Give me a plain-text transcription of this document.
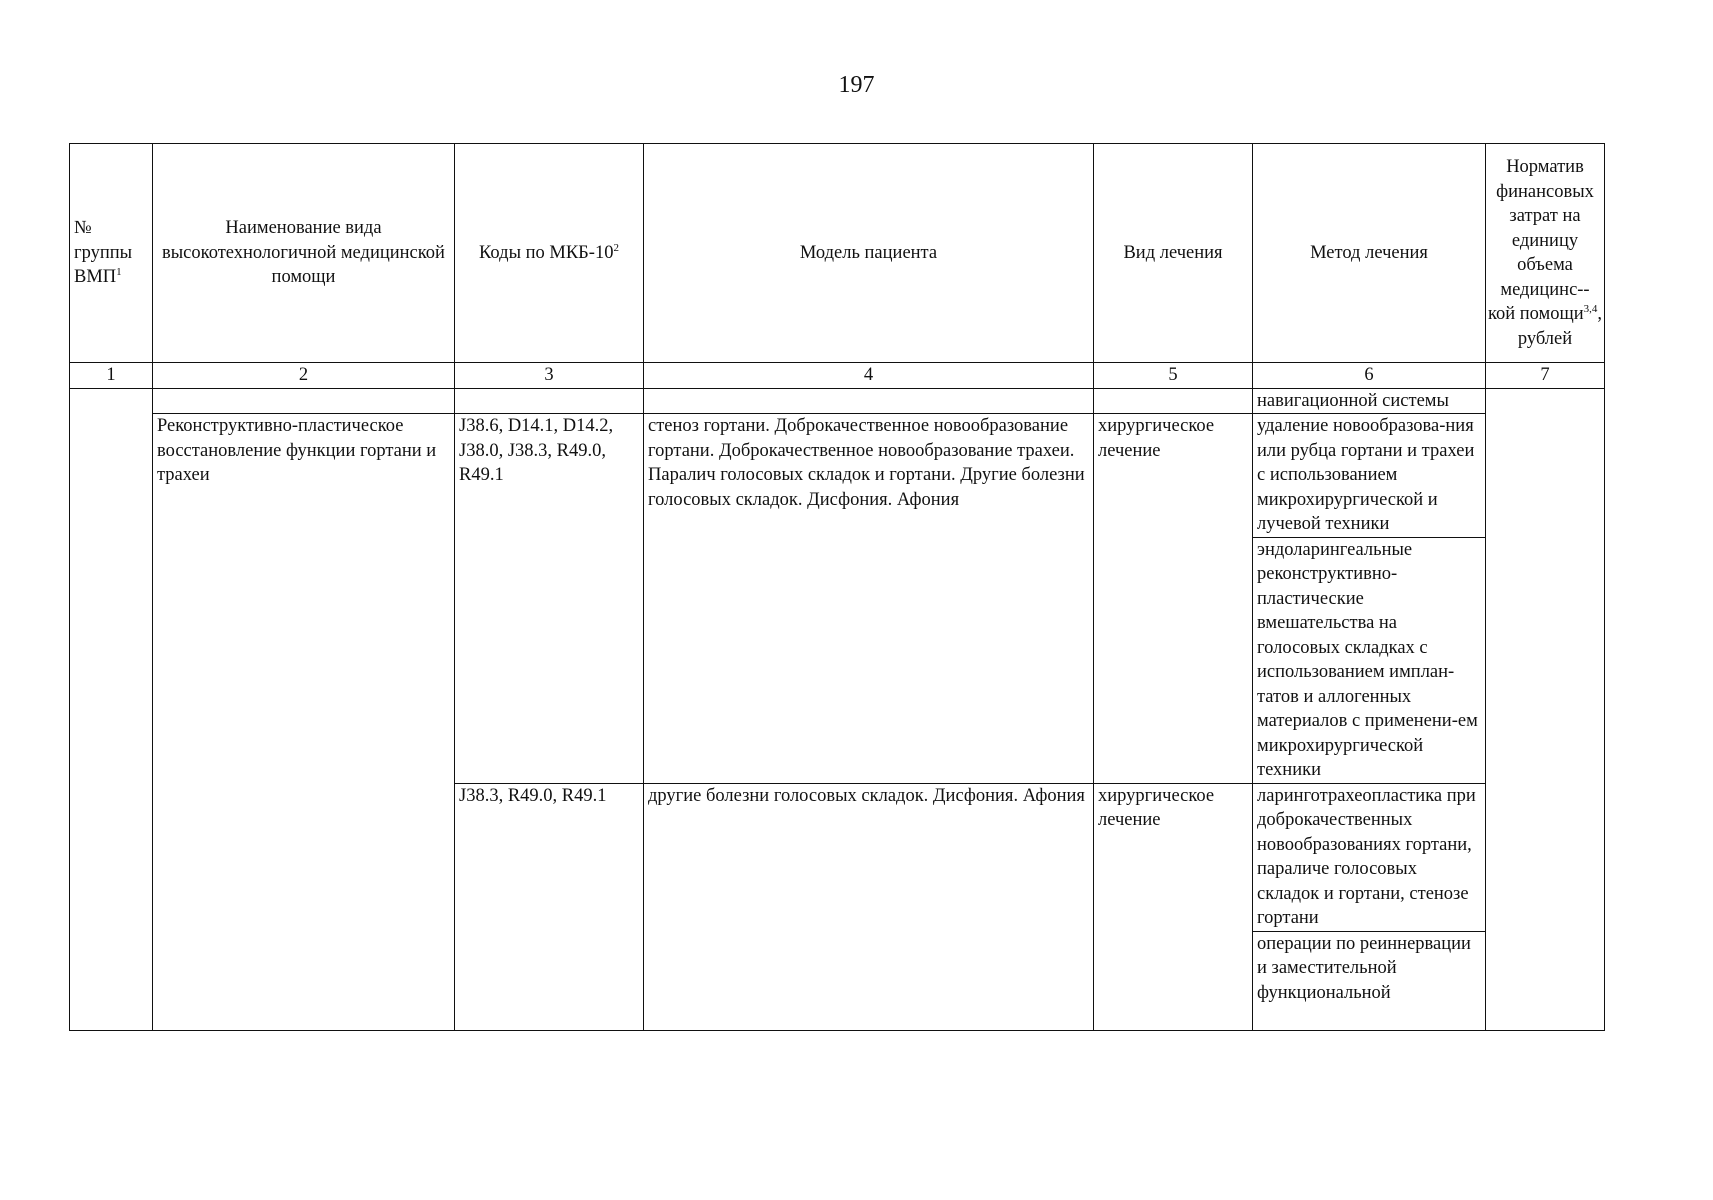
197
№ группы ВМП$^1$	Наименование вида высокотехнологичной медицинской помощи	Коды по МКБ-$10^2$	Модель пациента	Вид лечения	Метод лечения	Норматив финансовых затрат на единицу объема медицинс--кой помощи$^{3,4}$, рублей
1	2	3	4	5	6	7
					навигационной системы	
	Реконструктивно-пластическое восстановление функции гортани и трахеи	J38.6, D14.1, D14.2, J38.0, J38.3, R49.0, R49.1	стеноз гортани. Доброкачественное новообразование гортани. Доброкачественное новообразование трахеи. Паралич голосовых складок и гортани. Другие болезни голосовых складок. Дисфония. Афония	хирургическое лечение	удаление новообразова-ния или рубца гортани и трахеи с использованием микрохирургической и лучевой техники	
					эндоларингеальные реконструктивно-пластические вмешательства на голосовых складках с использованием имплан-татов и аллогенных материалов с применени-ем микрохирургической техники	
		J38.3, R49.0, R49.1	другие болезни голосовых складок. Дисфония. Афония	хирургическое лечение	ларинготрахеопластика при доброкачественных новообразованиях гортани, параличе голосовых складок и гортани, стенозе гортани	
					операции по реиннервации и заместительной функциональной	
